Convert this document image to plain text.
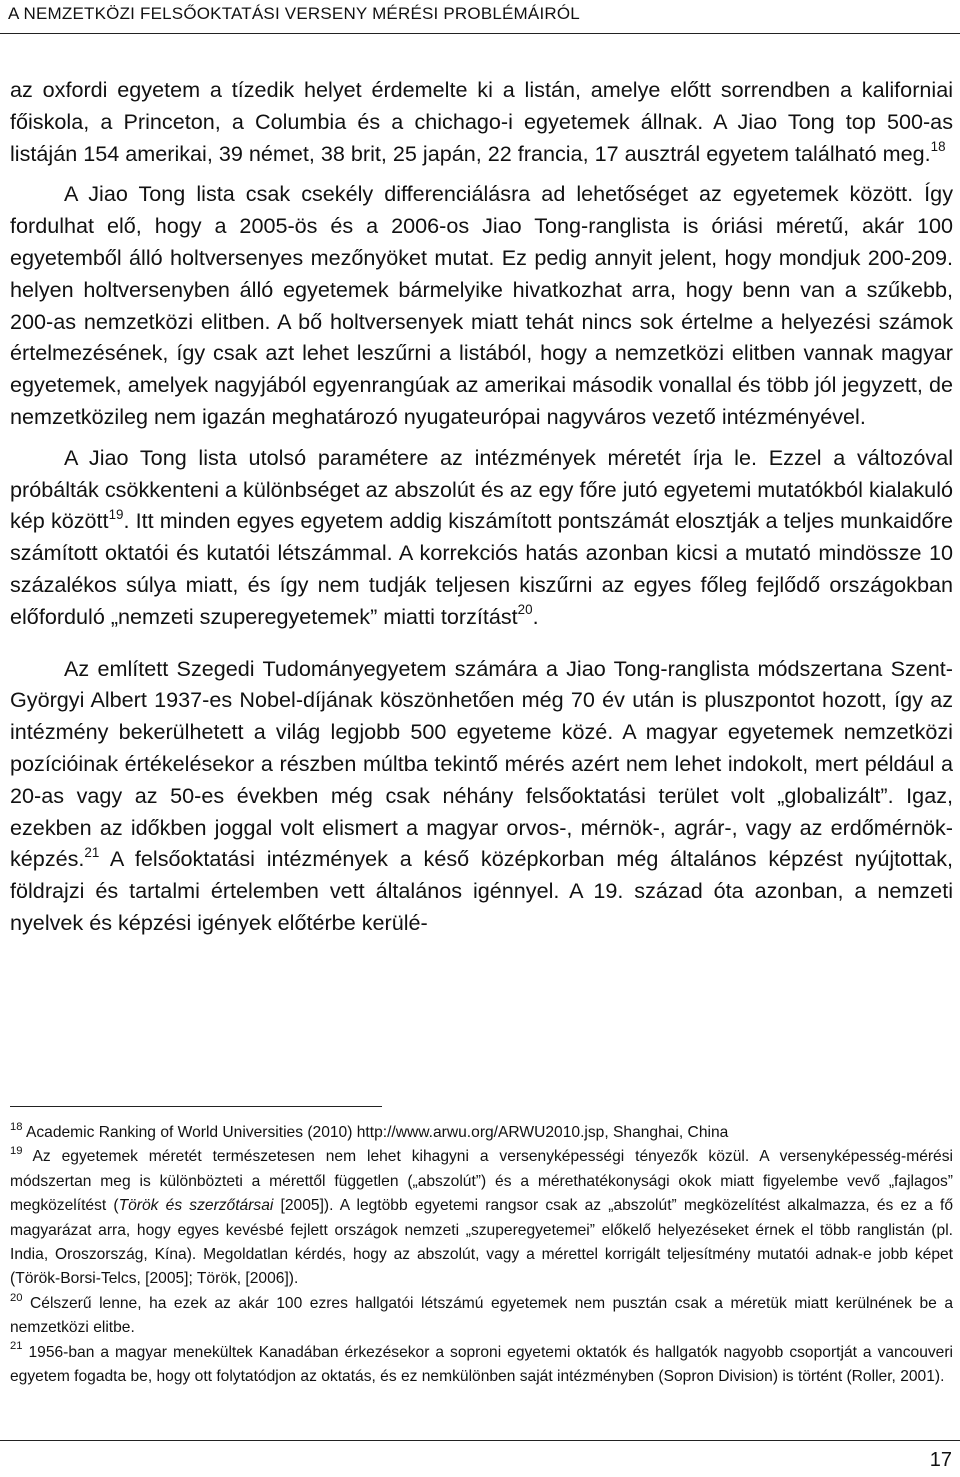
A NEMZETKÖZI FELSŐOKTATÁSI VERSENY MÉRÉSI PROBLÉMÁIRÓL

az oxfordi egyetem a tízedik helyet érdemelte ki a listán, amelye előtt sorrendben a kaliforniai főiskola, a Princeton, a Columbia és a chichago-i egyetemek állnak. A Jiao Tong top 500-as listáján 154 amerikai, 39 német, 38 brit, 25 japán, 22 francia, 17 ausztrál egyetem található meg.$^{18}$

A Jiao Tong lista csak csekély differenciálásra ad lehetőséget az egyetemek között. Így fordulhat elő, hogy a 2005-ös és a 2006-os Jiao Tong-ranglista is óriási méretű, akár 100 egyetemből álló holtversenyes mezőnyöket mutat. Ez pedig annyit jelent, hogy mondjuk 200-209. helyen holtversenyben álló egyetemek bármelyike hivatkozhat arra, hogy benn van a szűkebb, 200-as nemzetközi elitben. A bő holtversenyek miatt tehát nincs sok értelme a helyezési számok értelmezésének, így csak azt lehet leszűrni a listából, hogy a nemzetközi elitben vannak magyar egyetemek, amelyek nagyjából egyenrangúak az amerikai második vonallal és több jól jegyzett, de nemzetközileg nem igazán meghatározó nyugateurópai nagyváros vezető intézményével.

A Jiao Tong lista utolsó paramétere az intézmények méretét írja le. Ezzel a változóval próbálták csökkenteni a különbséget az abszolút és az egy főre jutó egyetemi mutatókból kialakuló kép között$^{19}$. Itt minden egyes egyetem addig kiszámított pontszámát elosztják a teljes munkaidőre számított oktatói és kutatói létszámmal. A korrekciós hatás azonban kicsi a mutató mindössze 10 százalékos súlya miatt, és így nem tudják teljesen kiszűrni az egyes főleg fejlődő országokban előforduló „nemzeti szuperegyetemek” miatti torzítást$^{20}$.

Az említett Szegedi Tudományegyetem számára a Jiao Tong-ranglista módszertana Szent-Györgyi Albert 1937-es Nobel-díjának köszönhetően még 70 év után is pluszpontot hozott, így az intézmény bekerülhetett a világ legjobb 500 egyeteme közé. A magyar egyetemek nemzetközi pozícióinak értékelésekor a részben múltba tekintő mérés azért nem lehet indokolt, mert például a 20-as vagy az 50-es években még csak néhány felsőoktatási terület volt „globalizált”. Igaz, ezekben az időkben joggal volt elismert a magyar orvos-, mérnök-, agrár-, vagy az erdőmérnök-képzés.$^{21}$ A felsőoktatási intézmények a késő középkorban még általános képzést nyújtottak, földrajzi és tartalmi értelemben vett általános igénnyel. A 19. század óta azonban, a nemzeti nyelvek és képzési igények előtérbe kerülé-

$^{18}$ Academic Ranking of World Universities (2010) http://www.arwu.org/ARWU2010.jsp, Shanghai, China

$^{19}$ Az egyetemek méretét természetesen nem lehet kihagyni a versenyképességi tényezők közül. A versenyképesség-mérési módszertan meg is különbözteti a mérettől független („abszolút”) és a mérethatékonysági okok miatt figyelembe vevő „fajlagos” megközelítést (Török és szerzőtársai [2005]). A legtöbb egyetemi rangsor csak az „abszolút” megközelítést alkalmazza, és ez a fő magyarázat arra, hogy egyes kevésbé fejlett országok nemzeti „szuperegyetemei” előkelő helyezéseket érnek el több ranglistán (pl. India, Oroszország, Kína). Megoldatlan kérdés, hogy az abszolút, vagy a mérettel korrigált teljesítmény mutatói adnak-e jobb képet (Török-Borsi-Telcs, [2005]; Török, [2006]).

$^{20}$ Célszerű lenne, ha ezek az akár 100 ezres hallgatói létszámú egyetemek nem pusztán csak a méretük miatt kerülnének be a nemzetközi elitbe.

$^{21}$ 1956-ban a magyar menekültek Kanadában érkezésekor a soproni egyetemi oktatók és hallgatók nagyobb csoportját a vancouveri egyetem fogadta be, hogy ott folytatódjon az oktatás, és ez nemkülönben saját intézményben (Sopron Division) is történt (Roller, 2001).

17
